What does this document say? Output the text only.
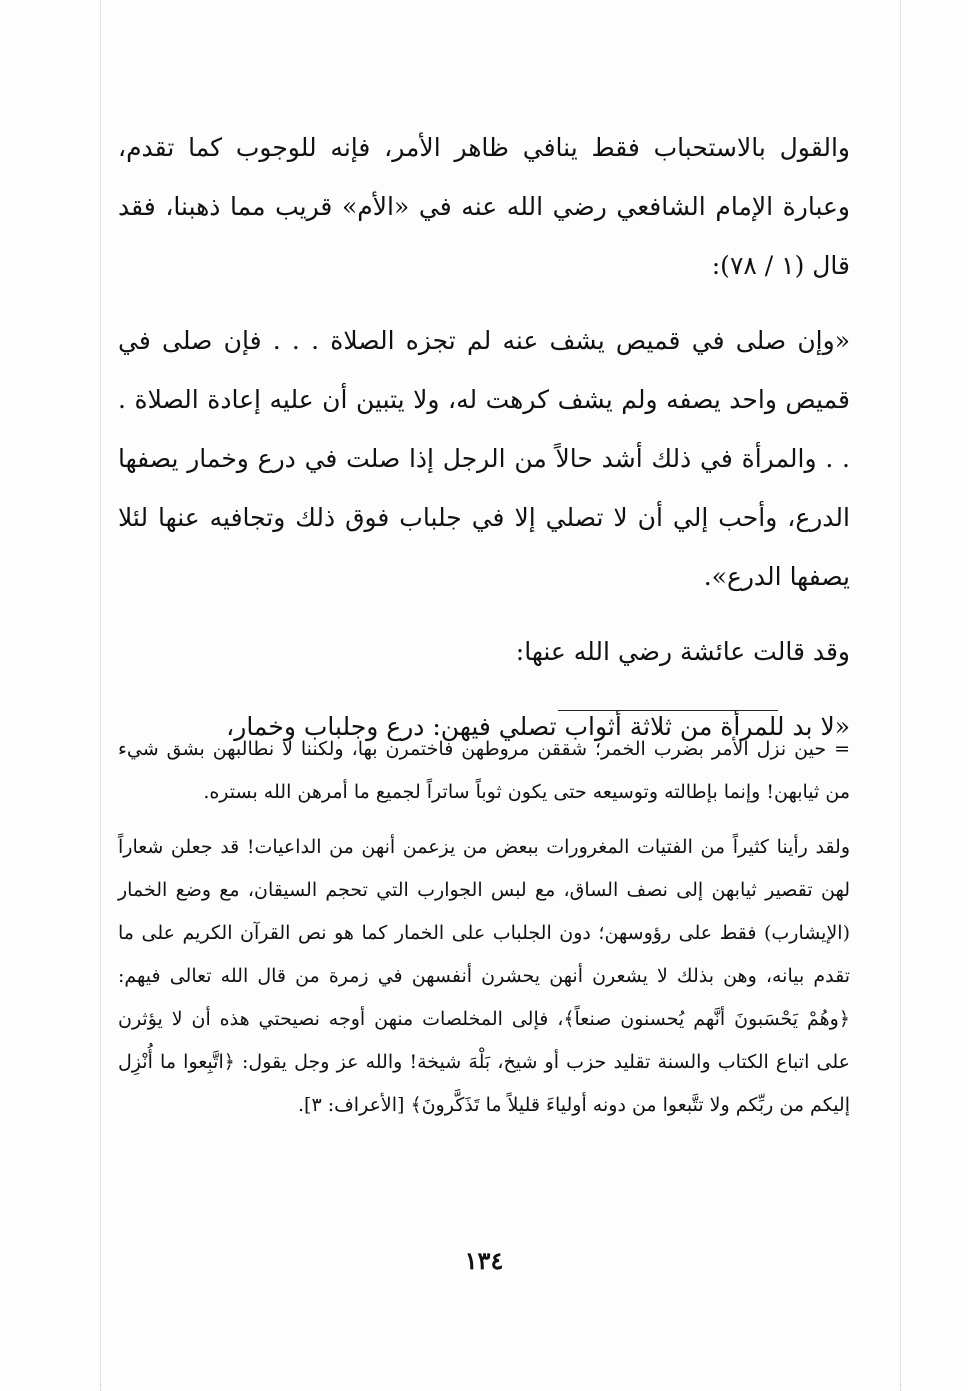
والقول بالاستحباب فقط ينافي ظاهر الأمر، فإنه للوجوب كما تقدم، وعبارة الإمام الشافعي رضي الله عنه في «الأم» قريب مما ذهبنا، فقد قال (١ / ٧٨):

«وإن صلى في قميص يشف عنه لم تجزه الصلاة . . . فإن صلى في قميص واحد يصفه ولم يشف كرهت له، ولا يتبين أن عليه إعادة الصلاة . . . والمرأة في ذلك أشد حالاً من الرجل إذا صلت في درع وخمار يصفها الدرع، وأحب إلي أن لا تصلي إلا في جلباب فوق ذلك وتجافيه عنها لئلا يصفها الدرع».

وقد قالت عائشة رضي الله عنها:

«لا بد للمرأة من ثلاثة أثواب تصلي فيهن: درع وجلباب وخمار،

= حين نزل الأمر بضرب الخمر؛ شققن مروطهن فاختمرن بها، ولكننا لا نطالبهن بشق شيء من ثيابهن! وإنما بإطالته وتوسيعه حتى يكون ثوباً ساتراً لجميع ما أمرهن الله بستره.

ولقد رأينا كثيراً من الفتيات المغرورات ببعض من يزعمن أنهن من الداعيات! قد جعلن شعاراً لهن تقصير ثيابهن إلى نصف الساق، مع لبس الجوارب التي تحجم السيقان، مع وضع الخمار (الإيشارب) فقط على رؤوسهن؛ دون الجلباب على الخمار كما هو نص القرآن الكريم على ما تقدم بيانه، وهن بذلك لا يشعرن أنهن يحشرن أنفسهن في زمرة من قال الله تعالى فيهم: ﴿وهُمْ يَحْسَبونَ أنَّهم يُحسنون صنعاً﴾، فإلى المخلصات منهن أوجه نصيحتي هذه أن لا يؤثرن على اتباع الكتاب والسنة تقليد حزب أو شيخ، بَلْهَ شيخة! والله عز وجل يقول: ﴿اتَّبِعوا ما أُنْزِل إليكم من ربِّكم ولا تتَّبعوا من دونه أولياءَ قليلاً ما تَذَكَّرونَ﴾ [الأعراف: ٣].

١٣٤
